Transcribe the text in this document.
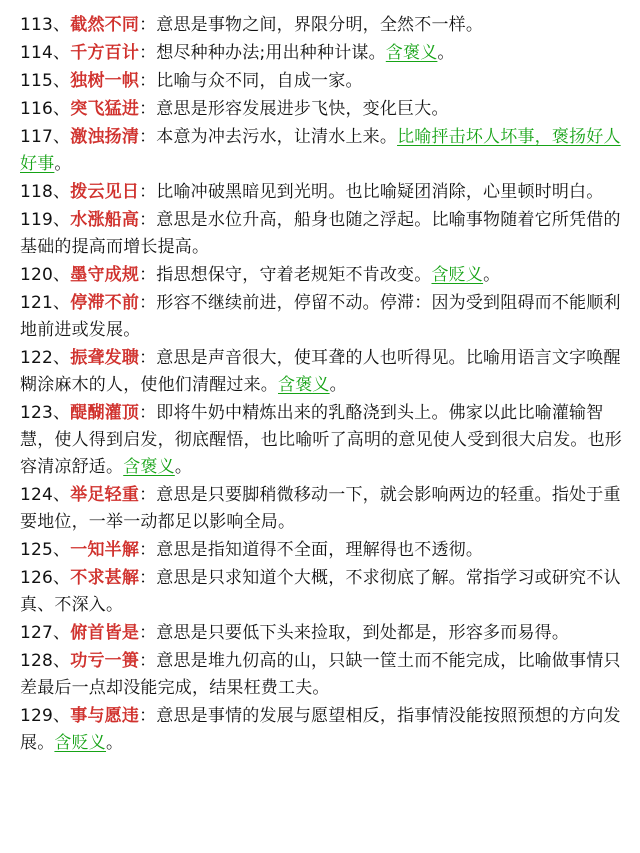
113、截然不同：意思是事物之间，界限分明，全然不一样。
114、千方百计：想尽种种办法;用出种种计谋。含褒义。
115、独树一帜：比喻与众不同，自成一家。
116、突飞猛进：意思是形容发展进步飞快，变化巨大。
117、激浊扬清：本意为冲去污水，让清水上来。比喻抨击坏人坏事，褒扬好人好事。
118、拨云见日：比喻冲破黑暗见到光明。也比喻疑团消除，心里顿时明白。
119、水涨船高：意思是水位升高，船身也随之浮起。比喻事物随着它所凭借的基础的提高而增长提高。
120、墨守成规：指思想保守，守着老规矩不肯改变。含贬义。
121、停滞不前：形容不继续前进，停留不动。停滞：因为受到阻碍而不能顺利地前进或发展。
122、振聋发聩：意思是声音很大，使耳聋的人也听得见。比喻用语言文字唤醒糊涂麻木的人，使他们清醒过来。含褒义。
123、醍醐灌顶：即将牛奶中精炼出来的乳酪浇到头上。佛家以此比喻灌输智慧，使人得到启发，彻底醒悟，也比喻听了高明的意见使人受到很大启发。也形容清凉舒适。含褒义。
124、举足轻重：意思是只要脚稍微移动一下，就会影响两边的轻重。指处于重要地位，一举一动都足以影响全局。
125、一知半解：意思是指知道得不全面，理解得也不透彻。
126、不求甚解：意思是只求知道个大概，不求彻底了解。常指学习或研究不认真、不深入。
127、俯首皆是：意思是只要低下头来捡取，到处都是，形容多而易得。
128、功亏一篑：意思是堆九仞高的山，只缺一筐土而不能完成，比喻做事情只差最后一点却没能完成，结果枉费工夫。
129、事与愿违：意思是事情的发展与愿望相反，指事情没能按照预想的方向发展。含贬义。
